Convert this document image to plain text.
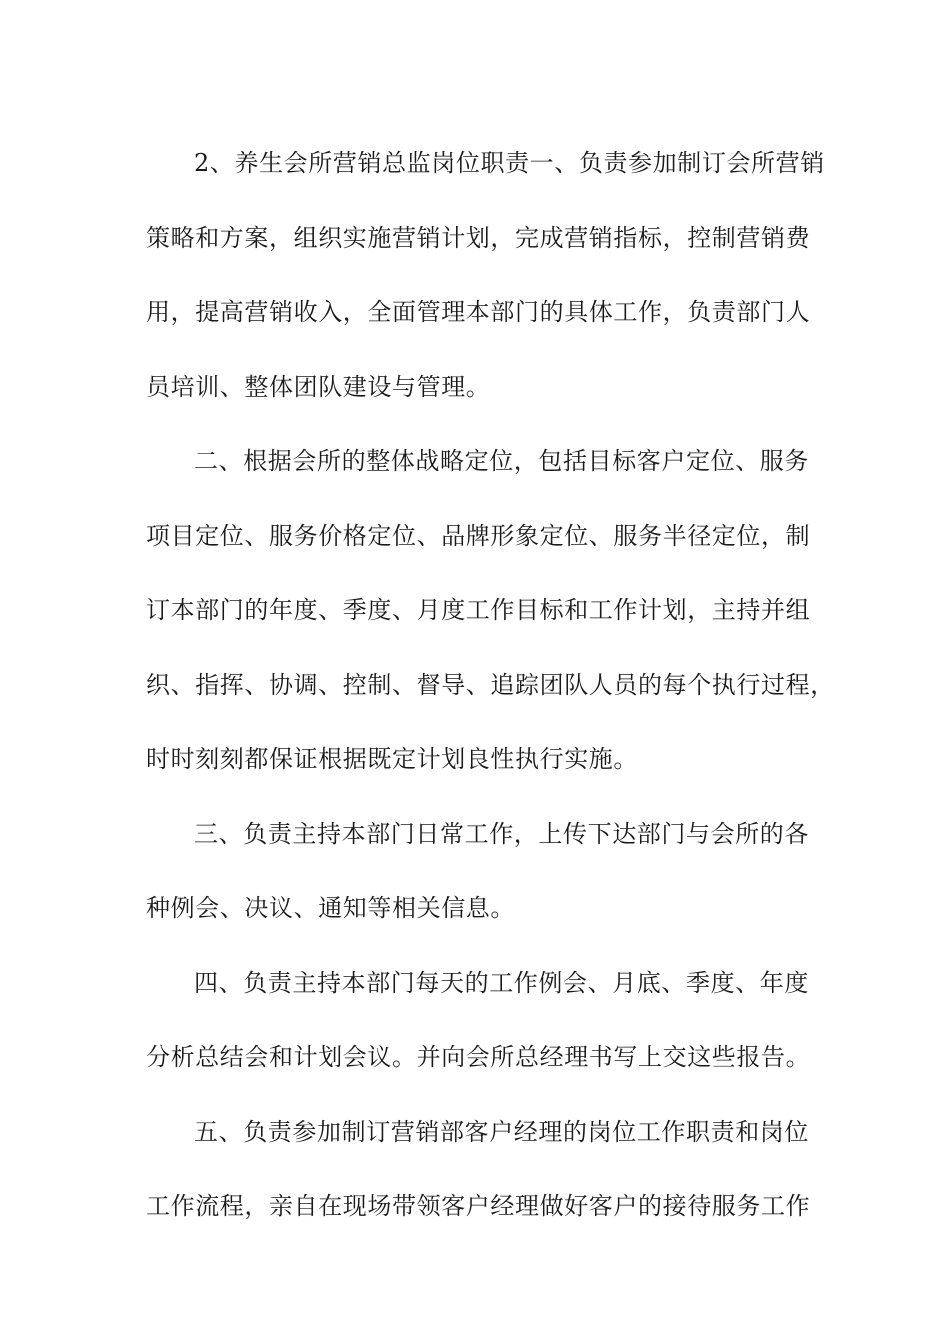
2、养生会所营销总监岗位职责一、负责参加制订会所营销
策略和方案，组织实施营销计划，完成营销指标，控制营销费
用，提高营销收入，全面管理本部门的具体工作，负责部门人
员培训、整体团队建设与管理。
二、根据会所的整体战略定位，包括目标客户定位、服务
项目定位、服务价格定位、品牌形象定位、服务半径定位，制
订本部门的年度、季度、月度工作目标和工作计划，主持并组
织、指挥、协调、控制、督导、追踪团队人员的每个执行过程，
时时刻刻都保证根据既定计划良性执行实施。
三、负责主持本部门日常工作，上传下达部门与会所的各
种例会、决议、通知等相关信息。
四、负责主持本部门每天的工作例会、月底、季度、年度
分析总结会和计划会议。并向会所总经理书写上交这些报告。
五、负责参加制订营销部客户经理的岗位工作职责和岗位
工作流程，亲自在现场带领客户经理做好客户的接待服务工作
